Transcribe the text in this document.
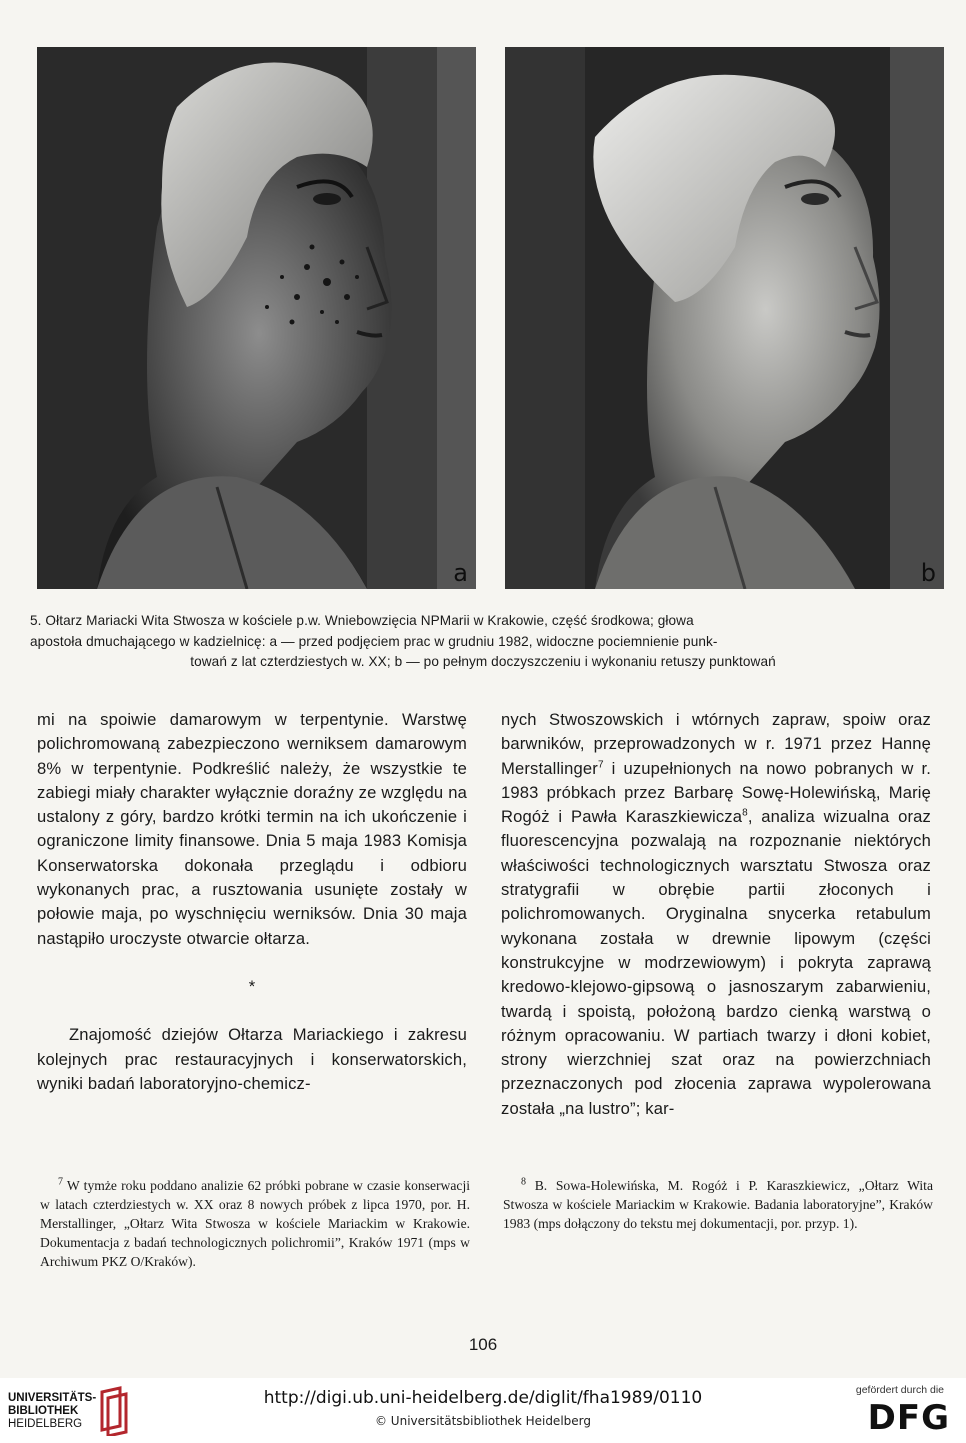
a	b
5. Ołtarz Mariacki Wita Stwosza w kościele p.w. Wniebowzięcia NPMarii w Krakowie, część środkowa; głowa
apostoła dmuchającego w kadzielnicę: a — przed podjęciem prac w grudniu 1982, widoczne pociemnienie punk-
towań z lat czterdziestych w. XX; b — po pełnym doczyszczeniu i wykonaniu retuszy punktowań

mi na spoiwie damarowym w terpentynie. Warstwę polichromowaną zabezpieczono werniksem damarowym 8% w terpentynie. Podkreślić należy, że wszystkie te zabiegi miały charakter wyłącznie doraźny ze względu na ustalony z góry, bardzo krótki termin na ich ukończenie i ograniczone limity finansowe. Dnia 5 maja 1983 Komisja Konserwatorska dokonała przeglądu i odbioru wykonanych prac, a rusztowania usunięte zostały w połowie maja, po wyschnięciu werniksów. Dnia 30 maja nastąpiło uroczyste otwarcie ołtarza.

*

Znajomość dziejów Ołtarza Mariackiego i zakresu kolejnych prac restauracyjnych i konserwatorskich, wyniki badań laboratoryjno-chemicz-

nych Stwoszowskich i wtórnych zapraw, spoiw oraz barwników, przeprowadzonych w r. 1971 przez Hannę Merstallinger$^7$ i uzupełnionych na nowo pobranych w r. 1983 próbkach przez Barbarę Sowę-Holewińską, Marię Rogóż i Pawła Karaszkiewicza$^8$, analiza wizualna oraz fluorescencyjna pozwalają na rozpoznanie niektórych właściwości technologicznych warsztatu Stwosza oraz stratygrafii w obrębie partii złoconych i polichromowanych. Oryginalna snycerka retabulum wykonana została w drewnie lipowym (części konstrukcyjne w modrzewiowym) i pokryta zaprawą kredowo-klejowo-gipsową o jasnoszarym zabarwieniu, twardą i spoistą, położoną bardzo cienką warstwą o różnym opracowaniu. W partiach twarzy i dłoni kobiet, strony wierzchniej szat oraz na powierzchniach przeznaczonych pod złocenia zaprawa wypolerowana została „na lustro”; kar-

$^7$ W tymże roku poddano analizie 62 próbki pobrane w czasie konserwacji w latach czterdziestych w. XX oraz 8 nowych próbek z lipca 1970, por. H. Merstallinger, „Ołtarz Wita Stwosza w kościele Mariackim w Krakowie. Dokumentacja z badań technologicznych polichromii”, Kraków 1971 (mps w Archiwum PKZ O/Kraków).

$^8$ B. Sowa-Holewińska, M. Rogóż i P. Karaszkiewicz, „Ołtarz Wita Stwosza w kościele Mariackim w Krakowie. Badania laboratoryjne”, Kraków 1983 (mps dołączony do tekstu mej dokumentacji, por. przyp. 1).

106
UNIVERSITÄTS-
BIBLIOTHEK
HEIDELBERG
http://digi.ub.uni-heidelberg.de/diglit/fha1989/0110
© Universitätsbibliothek Heidelberg
gefördert durch die
DFG
